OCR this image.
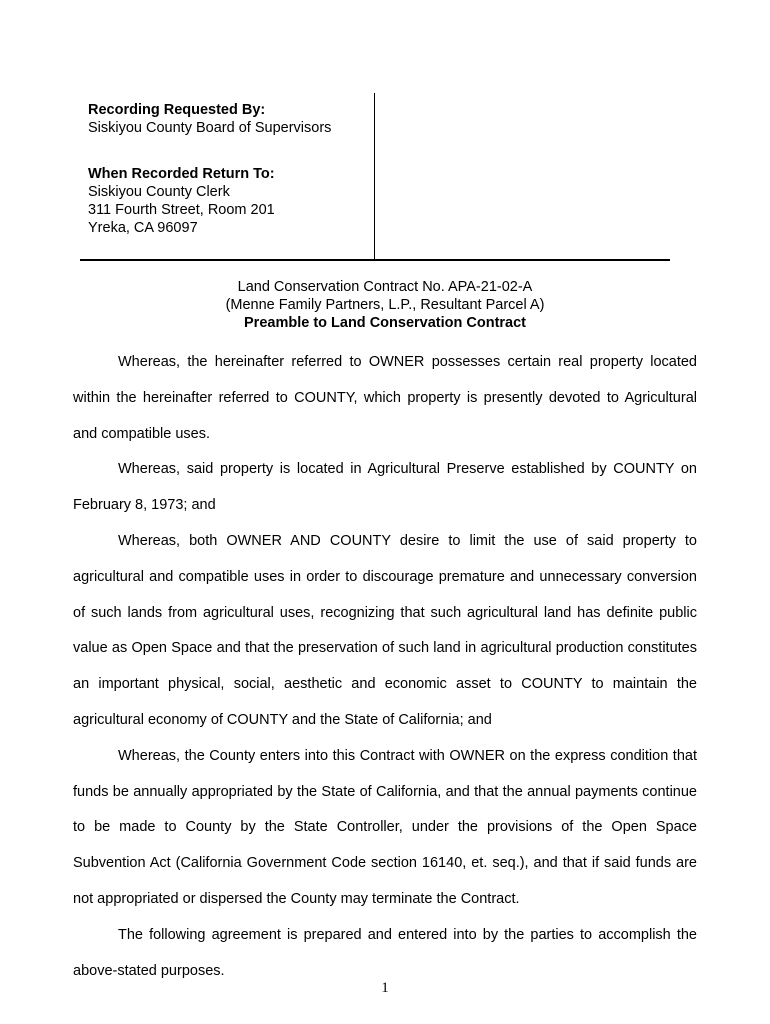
Recording Requested By:
Siskiyou County Board of Supervisors
When Recorded Return To:
Siskiyou County Clerk
311 Fourth Street, Room 201
Yreka, CA 96097
Land Conservation Contract No. APA-21-02-A
(Menne Family Partners, L.P., Resultant Parcel A)
Preamble to Land Conservation Contract

Whereas, the hereinafter referred to OWNER possesses certain real property located within the hereinafter referred to COUNTY, which property is presently devoted to Agricultural and compatible uses.

Whereas, said property is located in Agricultural Preserve established by COUNTY on February 8, 1973; and

Whereas, both OWNER AND COUNTY desire to limit the use of said property to agricultural and compatible uses in order to discourage premature and unnecessary conversion of such lands from agricultural uses, recognizing that such agricultural land has definite public value as Open Space and that the preservation of such land in agricultural production constitutes an important physical, social, aesthetic and economic asset to COUNTY to maintain the agricultural economy of COUNTY and the State of California; and

Whereas, the County enters into this Contract with OWNER on the express condition that funds be annually appropriated by the State of California, and that the annual payments continue to be made to County by the State Controller, under the provisions of the Open Space Subvention Act (California Government Code section 16140, et. seq.), and that if said funds are not appropriated or dispersed the County may terminate the Contract.

The following agreement is prepared and entered into by the parties to accomplish the above-stated purposes.

1
